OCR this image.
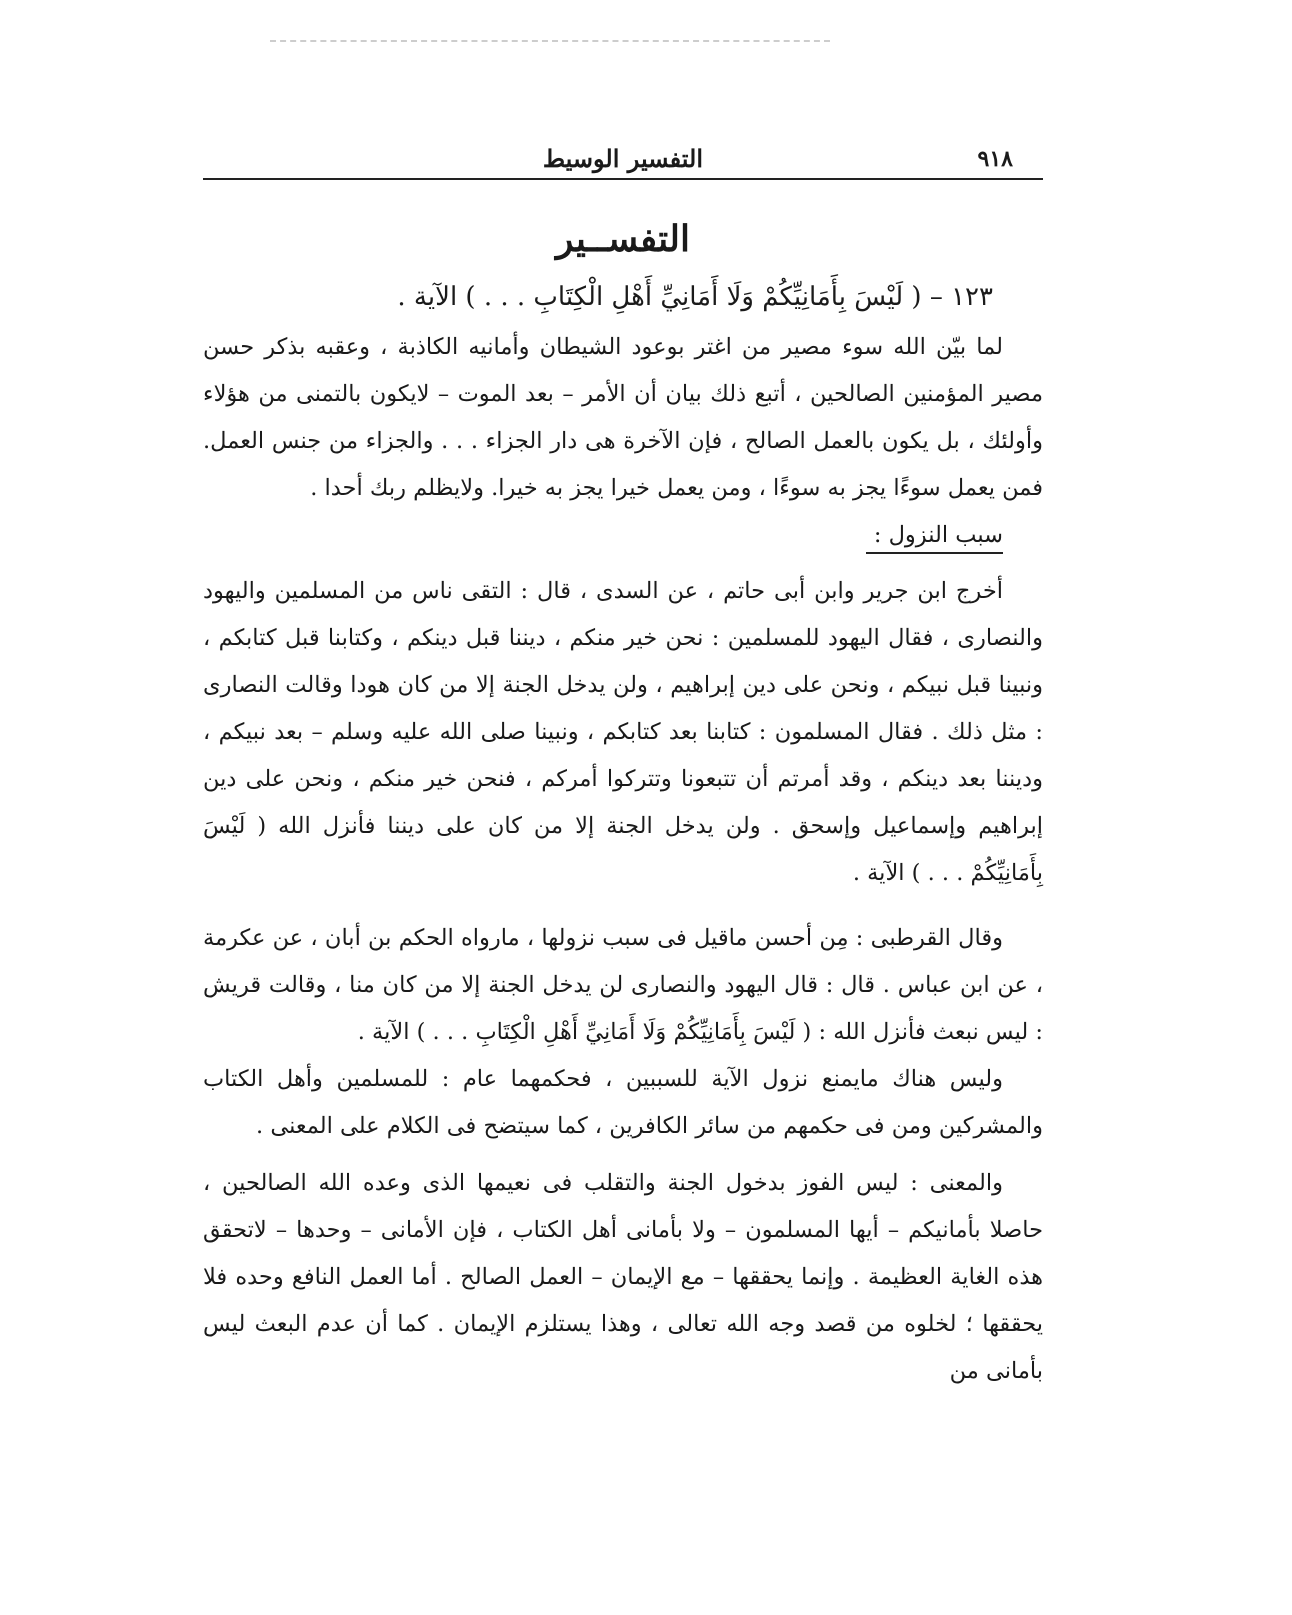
٩١٨
التفسير الوسيط
التفســير
١٢٣ – ( لَيْسَ بِأَمَانِيِّكُمْ وَلَا أَمَانِيِّ أَهْلِ الْكِتَابِ . . . ) الآية .

لما بيّن الله سوء مصير من اغتر بوعود الشيطان وأمانيه الكاذبة ، وعقبه بذكر حسن مصير المؤمنين الصالحين ، أتبع ذلك بيان أن الأمر – بعد الموت – لايكون بالتمنى من هؤلاء وأولئك ، بل يكون بالعمل الصالح ، فإن الآخرة هى دار الجزاء . . . والجزاء من جنس العمل. فمن يعمل سوءًا يجز به سوءًا ، ومن يعمل خيرا يجز به خيرا. ولايظلم ربك أحدا .

سبب النزول :

أخرج ابن جرير وابن أبى حاتم ، عن السدى ، قال : التقى ناس من المسلمين واليهود والنصارى ، فقال اليهود للمسلمين : نحن خير منكم ، ديننا قبل دينكم ، وكتابنا قبل كتابكم ، ونبينا قبل نبيكم ، ونحن على دين إبراهيم ، ولن يدخل الجنة إلا من كان هودا وقالت النصارى : مثل ذلك . فقال المسلمون : كتابنا بعد كتابكم ، ونبينا صلى الله عليه وسلم – بعد نبيكم ، وديننا بعد دينكم ، وقد أمرتم أن تتبعونا وتتركوا أمركم ، فنحن خير منكم ، ونحن على دين إبراهيم وإسماعيل وإسحق . ولن يدخل الجنة إلا من كان على ديننا فأنزل الله ( لَيْسَ بِأَمَانِيِّكُمْ . . . ) الآية .

وقال القرطبى : مِن أحسن ماقيل فى سبب نزولها ، مارواه الحكم بن أبان ، عن عكرمة ، عن ابن عباس . قال : قال اليهود والنصارى لن يدخل الجنة إلا من كان منا ، وقالت قريش : ليس نبعث فأنزل الله : ( لَيْسَ بِأَمَانِيِّكُمْ وَلَا أَمَانِيِّ أَهْلِ الْكِتَابِ . . . ) الآية .

وليس هناك مايمنع نزول الآية للسببين ، فحكمهما عام : للمسلمين وأهل الكتاب والمشركين ومن فى حكمهم من سائر الكافرين ، كما سيتضح فى الكلام على المعنى .

والمعنى : ليس الفوز بدخول الجنة والتقلب فى نعيمها الذى وعده الله الصالحين ، حاصلا بأمانيكم – أيها المسلمون – ولا بأمانى أهل الكتاب ، فإن الأمانى – وحدها – لاتحقق هذه الغاية العظيمة . وإنما يحققها – مع الإيمان – العمل الصالح . أما العمل النافع وحده فلا يحققها ؛ لخلوه من قصد وجه الله تعالى ، وهذا يستلزم الإيمان . كما أن عدم البعث ليس بأمانى من
